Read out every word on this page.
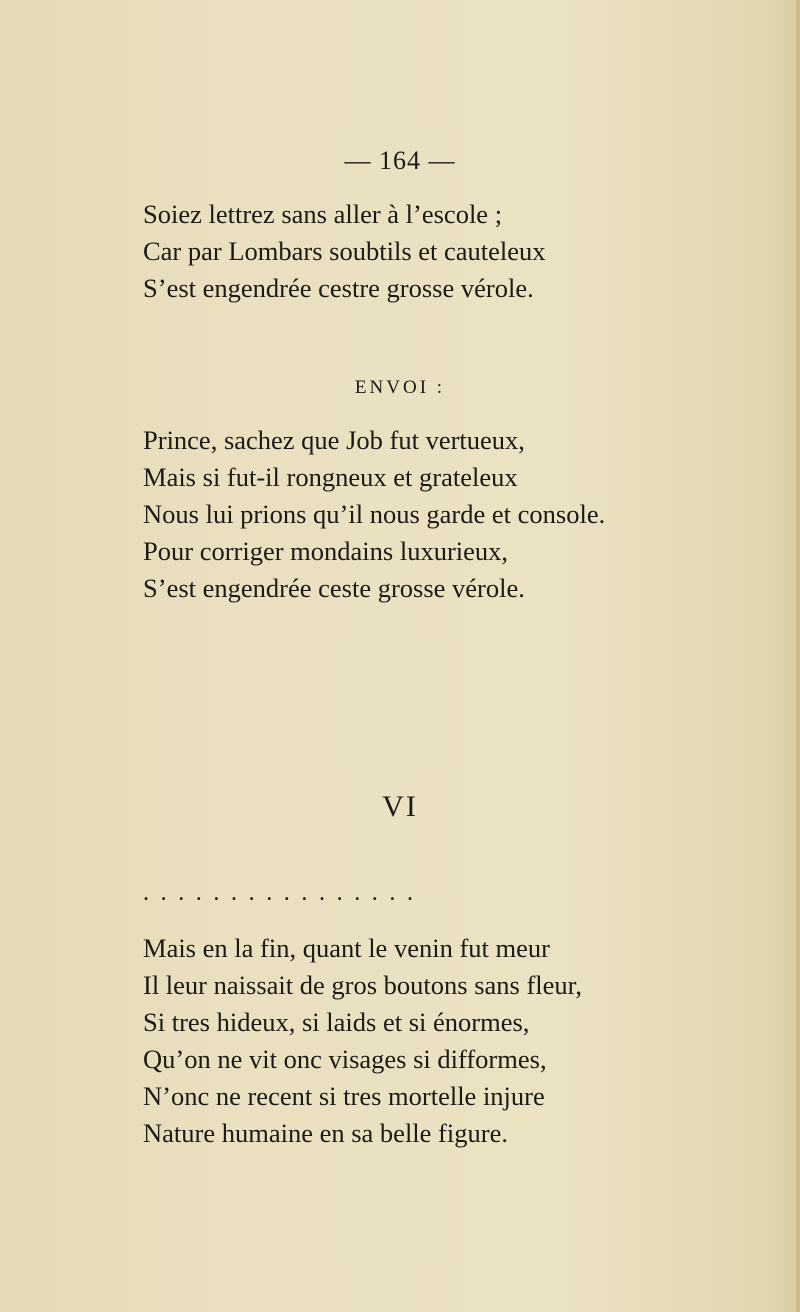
— 164 —
Soiez lettrez sans aller à l’escole ;
Car par Lombars soubtils et cauteleux
S’est engendrée cestre grosse vérole.
ENVOI :
Prince, sachez que Job fut vertueux,
Mais si fut-il rongneux et grateleux
Nous lui prions qu’il nous garde et console.
Pour corriger mondains luxurieux,
S’est engendrée ceste grosse vérole.
VI
................
Mais en la fin, quant le venin fut meur
Il leur naissait de gros boutons sans fleur,
Si tres hideux, si laids et si énormes,
Qu’on ne vit onc visages si difformes,
N’onc ne recent si tres mortelle injure
Nature humaine en sa belle figure.
